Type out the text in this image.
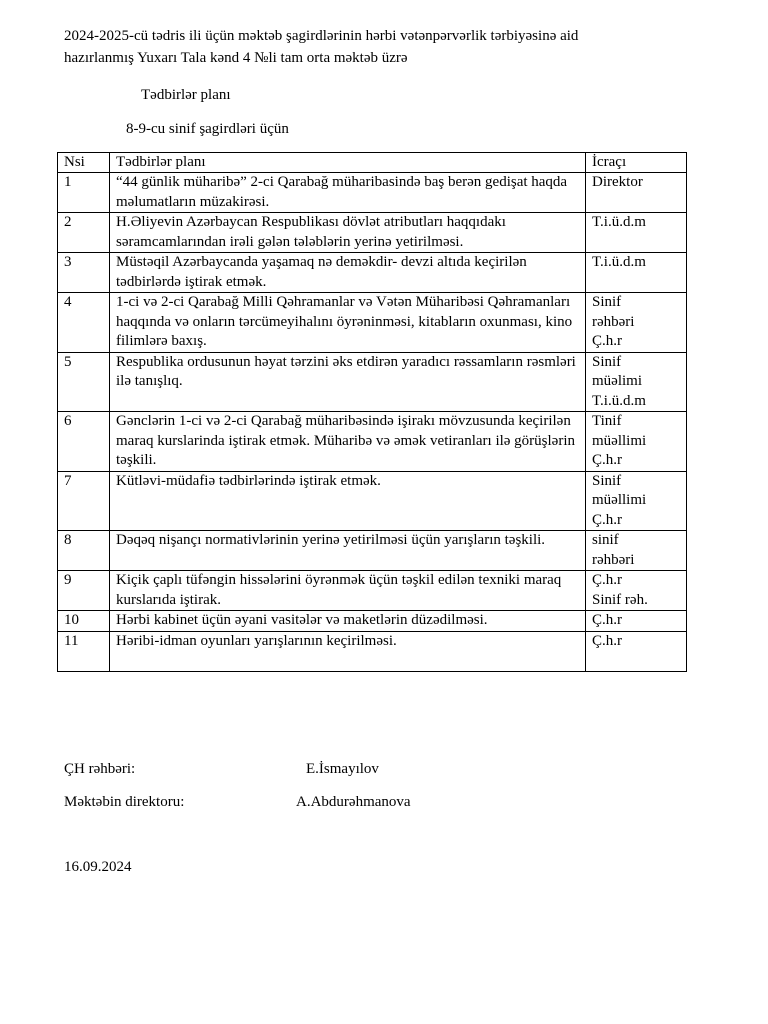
2024-2025-cü tədris ili üçün məktəb şagirdlərinin hərbi vətənpərvərlik tərbiyəsinə aid
hazırlanmış Yuxarı Tala kənd 4 №li tam orta məktəb üzrə
Tədbirlər planı
8-9-cu sinif şagirdləri üçün
Nsi	Tədbirlər planı	İcraçı
1	“44 günlik müharibə” 2-ci Qarabağ müharibasində baş berən gedişat haqda məlumatların müzakirəsi.	Direktor
2	H.Əliyevin Azərbaycan Respublikası dövlət atributları haqqıdakı səramcamlarından irəli gələn tələblərin yerinə yetirilməsi.	T.i.ü.d.m
3	Müstəqil Azərbaycanda yaşamaq nə deməkdir- devzi altıda keçirilən tədbirlərdə iştirak etmək.	T.i.ü.d.m
4	1-ci və 2-ci Qarabağ Milli Qəhramanlar və Vətən Müharibəsi Qəhramanları haqqında və onların tərcümeyihalını öyrəninməsi, kitabların oxunması, kino filimlərə baxış.	Sinif
rəhbəri
Ç.h.r
5	Respublika ordusunun həyat tərzini əks etdirən yaradıcı rəssamların rəsmləri ilə tanışlıq.	Sinif
müəlimi
T.i.ü.d.m
6	Gənclərin 1-ci və 2-ci Qarabağ müharibəsində işirakı mövzusunda keçirilən maraq kurslarinda iştirak etmək. Müharibə və əmək vetiranları ilə görüşlərin təşkili.	Tinif
müəllimi
Ç.h.r
7	Kütləvi-müdafiə tədbirlərində iştirak etmək.	Sinif
müəllimi
Ç.h.r
8	Dəqəq nişançı normativlərinin yerinə yetirilməsi üçün yarışların təşkili.	sinif
rəhbəri
9	Kiçik çaplı tüfəngin hissələrini öyrənmək üçün təşkil edilən texniki maraq kurslarıda iştirak.	Ç.h.r
Sinif rəh.
10	Hərbi kabinet üçün əyani vasitələr və maketlərin düzədilməsi.	Ç.h.r
11	Həribi-idman oyunları yarışlarının keçirilməsi.	Ç.h.r
ÇH rəhbəri:	E.İsmayılov
Məktəbin direktoru:	A.Abdurəhmanova
16.09.2024
